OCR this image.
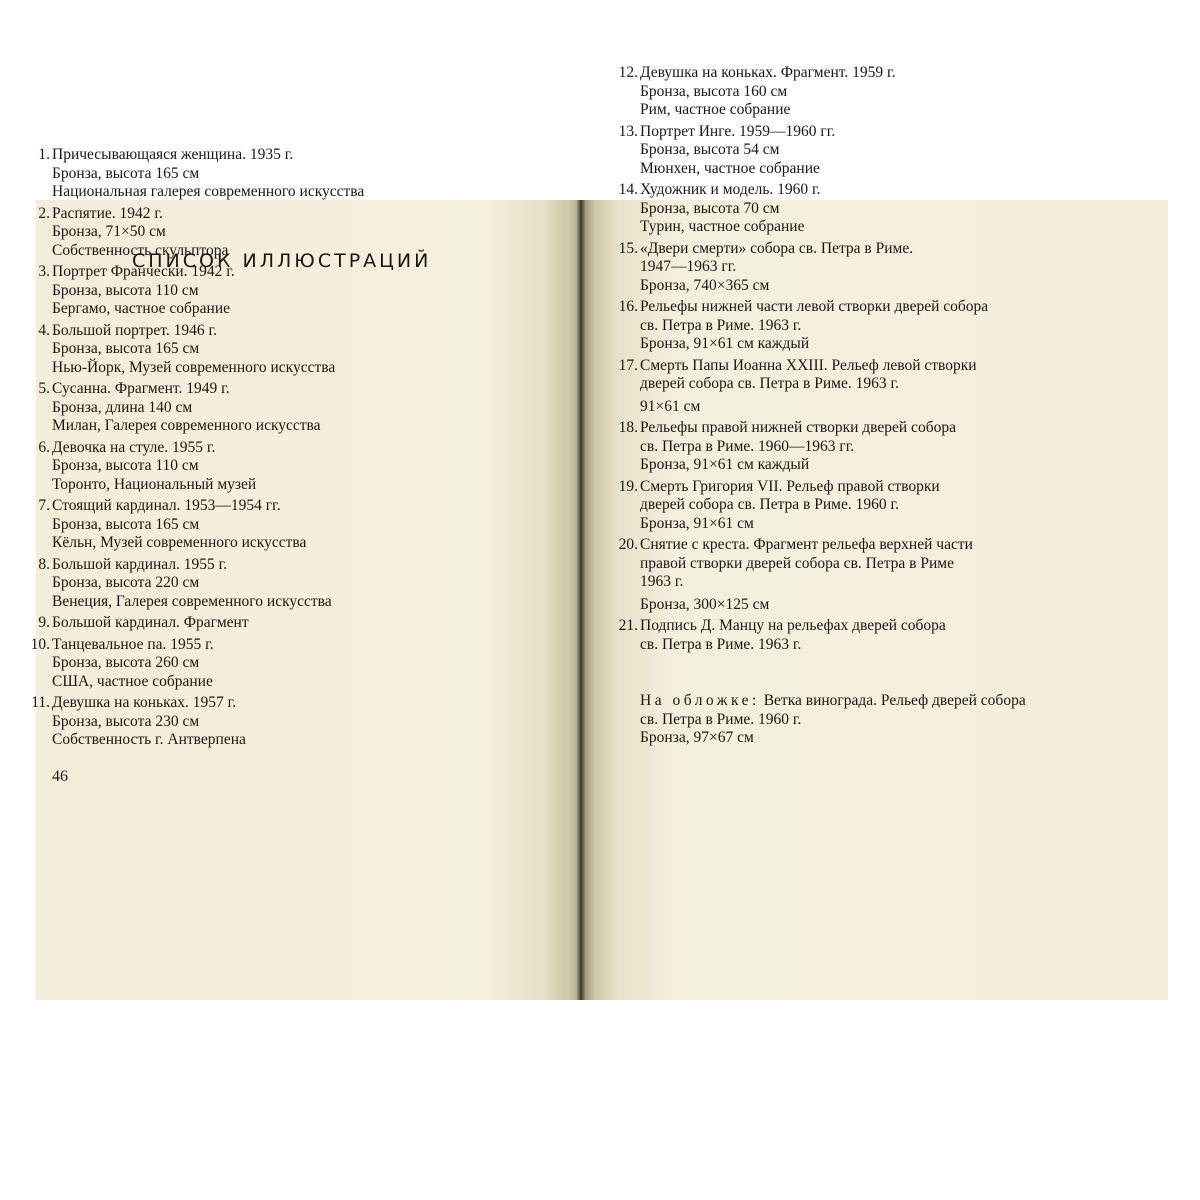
СПИСОК ИЛЛЮСТРАЦИЙ
1. Причесывающаяся женщина. 1935 г.
Бронза, высота 165 см
Национальная галерея современного искусства
2. Распятие. 1942 г.
Бронза, 71×50 см
Собственность скульптора
3. Портрет Франчески. 1942 г.
Бронза, высота 110 см
Бергамо, частное собрание
4. Большой портрет. 1946 г.
Бронза, высота 165 см
Нью-Йорк, Музей современного искусства
5. Сусанна. Фрагмент. 1949 г.
Бронза, длина 140 см
Милан, Галерея современного искусства
6. Девочка на стуле. 1955 г.
Бронза, высота 110 см
Торонто, Национальный музей
7. Стоящий кардинал. 1953—1954 гг.
Бронза, высота 165 см
Кёльн, Музей современного искусства
8. Большой кардинал. 1955 г.
Бронза, высота 220 см
Венеция, Галерея современного искусства
9. Большой кардинал. Фрагмент
10. Танцевальное па. 1955 г.
Бронза, высота 260 см
США, частное собрание
11. Девушка на коньках. 1957 г.
Бронза, высота 230 см
Собственность г. Антверпена
12. Девушка на коньках. Фрагмент. 1959 г.
Бронза, высота 160 см
Рим, частное собрание
13. Портрет Инге. 1959—1960 гг.
Бронза, высота 54 см
Мюнхен, частное собрание
14. Художник и модель. 1960 г.
Бронза, высота 70 см
Турин, частное собрание
15. «Двери смерти» собора св. Петра в Риме.
1947—1963 гг.
Бронза, 740×365 см
16. Рельефы нижней части левой створки дверей собора
св. Петра в Риме. 1963 г.
Бронза, 91×61 см каждый
17. Смерть Папы Иоанна XXIII. Рельеф левой створки
дверей собора св. Петра в Риме. 1963 г.
91×61 см
18. Рельефы правой нижней створки дверей собора
св. Петра в Риме. 1960—1963 гг.
Бронза, 91×61 см каждый
19. Смерть Григория VII. Рельеф правой створки
дверей собора св. Петра в Риме. 1960 г.
Бронза, 91×61 см
20. Снятие с креста. Фрагмент рельефа верхней части
правой створки дверей собора св. Петра в Риме
1963 г.
Бронза, 300×125 см
21. Подпись Д. Манцу на рельефах дверей собора
св. Петра в Риме. 1963 г.
46
На обложке: Ветка винограда. Рельеф дверей собора
св. Петра в Риме. 1960 г.
Бронза, 97×67 см
